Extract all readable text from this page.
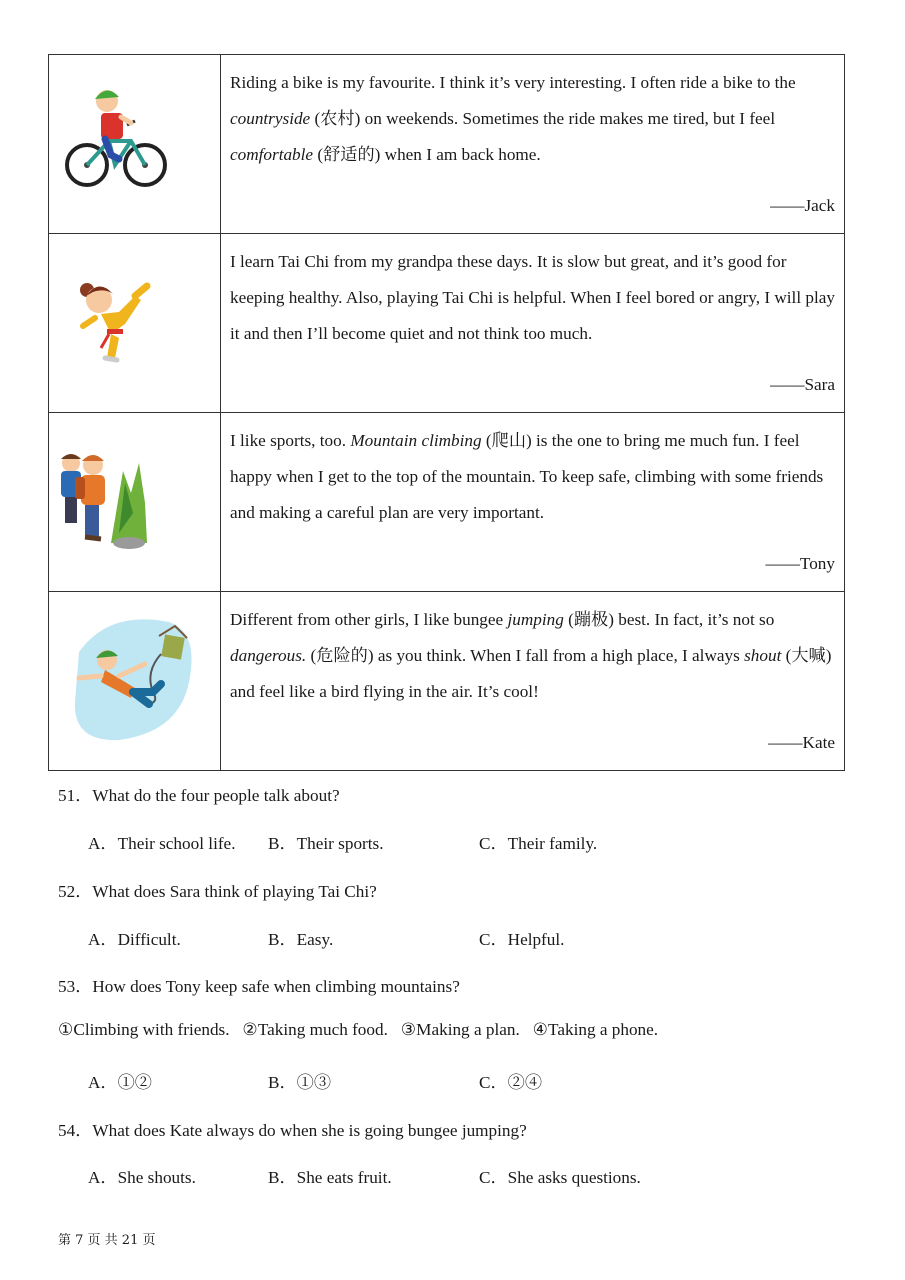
Riding a bike is my favourite. I think it’s very interesting. I often ride a bike to the countryside (农村) on weekends. Sometimes the ride makes me tired, but I feel comfortable (舒适的) when I am back home.

——Jack

I learn Tai Chi from my grandpa these days. It is slow but great, and it’s good for keeping healthy. Also, playing Tai Chi is helpful. When I feel bored or angry, I will play it and then I’ll become quiet and not think too much.

——Sara

I like sports, too. Mountain climbing (爬山) is the one to bring me much fun. I feel happy when I get to the top of the mountain. To keep safe, climbing with some friends and making a careful plan are very important.

——Tony

Different from other girls, I like bungee jumping (蹦极) best. In fact, it’s not so dangerous. (危险的) as you think. When I fall from a high place, I always shout (大喊) and feel like a bird flying in the air. It’s cool!

——Kate
51．What do the four people talk about?
A．Their school life. B．Their sports.	C．Their family.
52．What does Sara think of playing Tai Chi?
A．Difficult.	B．Easy.	C．Helpful.
53．How does Tony keep safe when climbing mountains?
①Climbing with friends.   ②Taking much food.   ③Making a plan.   ④Taking a phone.
A．①②	B．①③	C．②④
54．What does Kate always do when she is going bungee jumping?
A．She shouts.	B．She eats fruit.	C．She asks questions.
第 7 页 共 21 页
